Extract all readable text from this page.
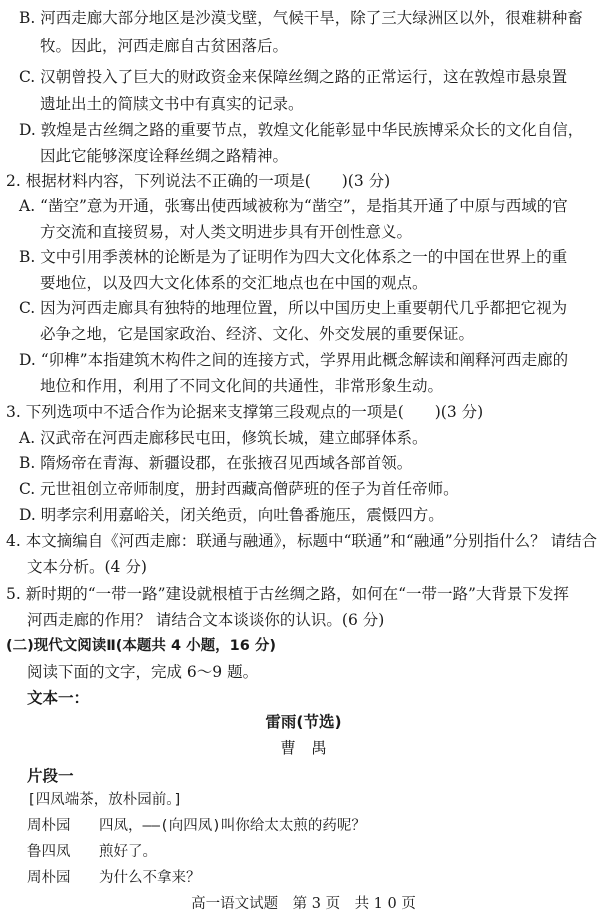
B. 河西走廊大部分地区是沙漠戈壁，气候干旱，除了三大绿洲区以外，很难耕种畜
牧。因此，河西走廊自古贫困落后。
C. 汉朝曾投入了巨大的财政资金来保障丝绸之路的正常运行，这在敦煌市悬泉置
遗址出土的简牍文书中有真实的记录。
D. 敦煌是古丝绸之路的重要节点，敦煌文化能彰显中华民族博采众长的文化自信，
因此它能够深度诠释丝绸之路精神。
2. 根据材料内容，下列说法不正确的一项是(　　)(3 分)
A. “凿空”意为开通，张骞出使西域被称为“凿空”，是指其开通了中原与西域的官
方交流和直接贸易，对人类文明进步具有开创性意义。
B. 文中引用季羡林的论断是为了证明作为四大文化体系之一的中国在世界上的重
要地位，以及四大文化体系的交汇地点也在中国的观点。
C. 因为河西走廊具有独特的地理位置，所以中国历史上重要朝代几乎都把它视为
必争之地，它是国家政治、经济、文化、外交发展的重要保证。
D. “卯榫”本指建筑木构件之间的连接方式，学界用此概念解读和阐释河西走廊的
地位和作用，利用了不同文化间的共通性，非常形象生动。
3. 下列选项中不适合作为论据来支撑第三段观点的一项是(　　)(3 分)
A. 汉武帝在河西走廊移民屯田，修筑长城，建立邮驿体系。
B. 隋炀帝在青海、新疆设郡，在张掖召见西域各部首领。
C. 元世祖创立帝师制度，册封西藏高僧萨班的侄子为首任帝师。
D. 明孝宗利用嘉峪关，闭关绝贡，向吐鲁番施压，震慑四方。
4. 本文摘编自《河西走廊：联通与融通》，标题中“联通”和“融通”分别指什么？ 请结合
文本分析。(4 分)
5. 新时期的“一带一路”建设就根植于古丝绸之路，如何在“一带一路”大背景下发挥
河西走廊的作用？ 请结合文本谈谈你的认识。(6 分)
(二)现代文阅读Ⅱ(本题共 4 小题，16 分)
阅读下面的文字，完成 6～9 题。
文本一：
雷雨(节选)
曹　禺
片段一
[四凤端茶，放朴园前。]
周朴园 四凤，——(向四凤)叫你给太太煎的药呢？
鲁四凤 煎好了。
周朴园 为什么不拿来？
高一语文试题　第 3 页　共 1 0 页
